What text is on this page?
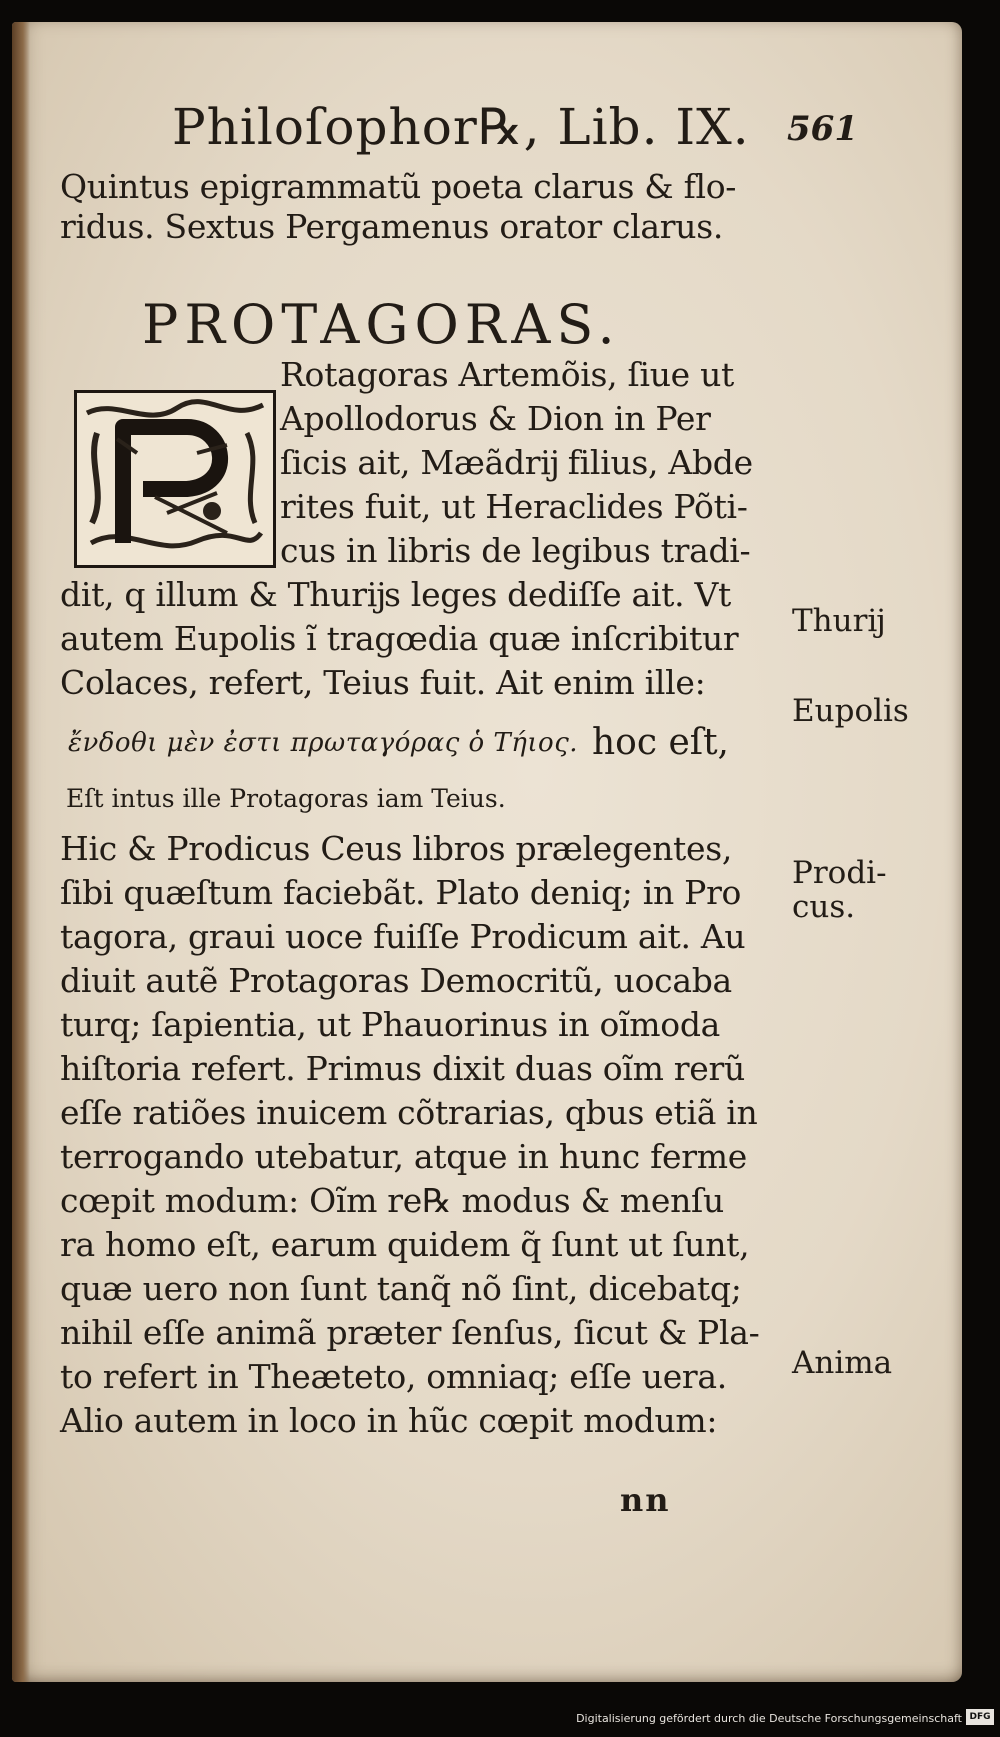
Philoſophor℞, Lib. IX. 561
Quintus epigrammatũ poeta clarus & flo-
ridus. Sextus Pergamenus orator clarus.
PROTAGORAS.
P
Rotagoras Artemõis, ſiue ut
Apollodorus & Dion in Per
ſicis ait, Mæãdrĳ filius, Abde
rites fuit, ut Heraclides Põti-
cus in libris de legibus tradi-
dit, q illum & Thurĳs leges dediſſe ait. Vt
autem Eupolis ĩ tragœdia quæ inſcribitur
Colaces, refert, Teius fuit. Ait enim ille:
ἔνδοθι μὲν ἐστι πρωταγόρας ὁ Τήιος. hoc eſt,
Eſt intus ille Protagoras iam Teius.
Hic & Prodicus Ceus libros prælegentes,
ſibi quæſtum faciebãt. Plato deniq; in Pro
tagora, graui uoce fuiſſe Prodicum ait. Au
diuit autẽ Protagoras Democritũ, uocaba
turq; ſapientia, ut Phauorinus in oĩmoda
hiſtoria refert. Primus dixit duas oĩm rerũ
eſſe ratiões inuicem cõtrarias, qbus etiã in
terrogando utebatur, atque in hunc ferme
cœpit modum: Oĩm re℞ modus & menſu
ra homo eſt, earum quidem q̃ ſunt ut ſunt,
quæ uero non ſunt tanq̃ nõ ſint, dicebatq;
nihil eſſe animã præter ſenſus, ſicut & Pla-
to refert in Theæteto, omniaq; eſſe uera.
Alio autem in loco in hũc cœpit modum:
nn
Thurĳ
Eupolis
Prodi-
cus.
Anima
Digitalisierung gefördert durch die Deutsche Forschungsgemeinschaft DFG
